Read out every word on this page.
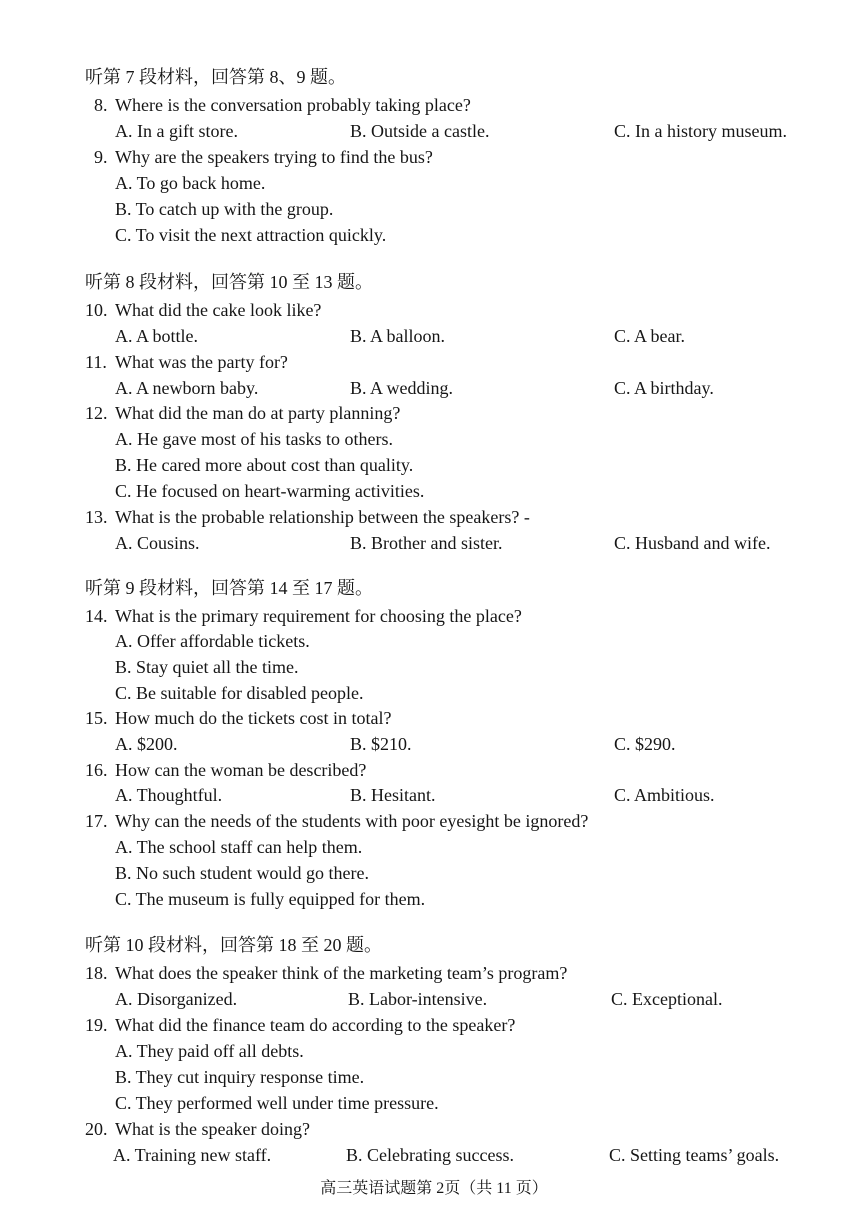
听第 7 段材料，回答第 8、9 题。
8. Where is the conversation probably taking place?
A. In a gift store.	B. Outside a castle.	C. In a history museum.
9. Why are the speakers trying to find the bus?
A. To go back home.
B. To catch up with the group.
C. To visit the next attraction quickly.
听第 8 段材料，回答第 10 至 13 题。
10. What did the cake look like?
A. A bottle.	B. A balloon.	C. A bear.
11. What was the party for?
A. A newborn baby.	B. A wedding.	C. A birthday.
12. What did the man do at party planning?
A. He gave most of his tasks to others.
B. He cared more about cost than quality.
C. He focused on heart-warming activities.
13. What is the probable relationship between the speakers? -
A. Cousins.	B. Brother and sister.	C. Husband and wife.
听第 9 段材料，回答第 14 至 17 题。
14. What is the primary requirement for choosing the place?
A. Offer affordable tickets.
B. Stay quiet all the time.
C. Be suitable for disabled people.
15. How much do the tickets cost in total?
A. $200.	B. $210.	C. $290.
16. How can the woman be described?
A. Thoughtful.	B. Hesitant.	C. Ambitious.
17. Why can the needs of the students with poor eyesight be ignored?
A. The school staff can help them.
B. No such student would go there.
C. The museum is fully equipped for them.
听第 10 段材料，回答第 18 至 20 题。
18. What does the speaker think of the marketing team’s program?
A. Disorganized.	B. Labor-intensive.	C. Exceptional.
19. What did the finance team do according to the speaker?
A. They paid off all debts.
B. They cut inquiry response time.
C. They performed well under time pressure.
20. What is the speaker doing?
A. Training new staff.	B. Celebrating success.	C. Setting teams’ goals.
高三英语试题第 2页（共 11 页）
